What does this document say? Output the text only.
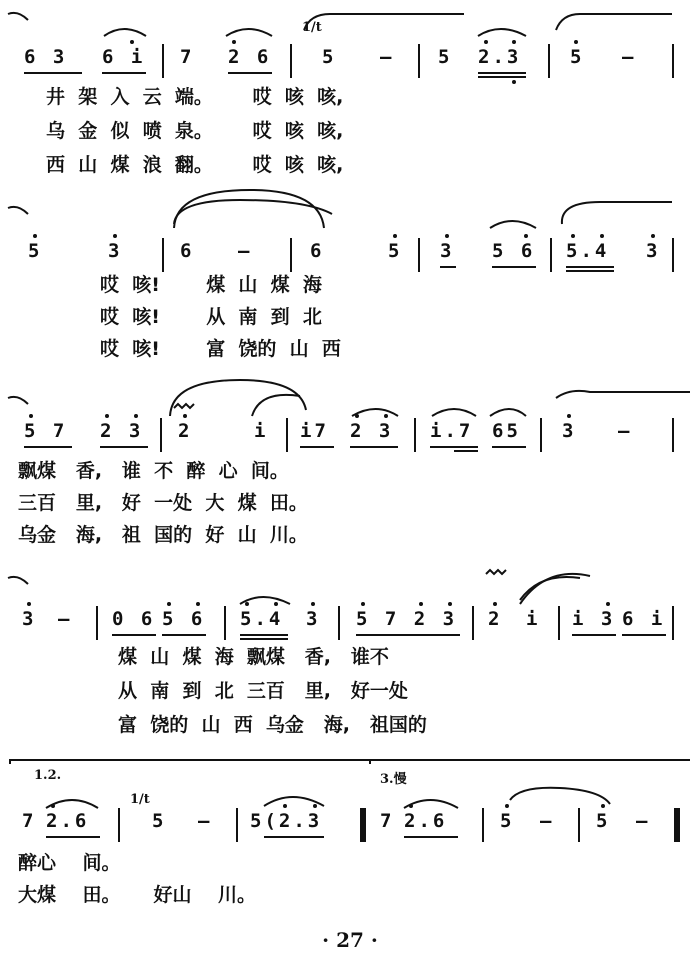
6 3 6 i 7 2 6	5 — 5 2.3	5 —
1/t
井  架  入  云  端。      哎  咳  咳,
乌  金  似  喷  泉。      哎  咳  咳,
西  山  煤  浪  翻。      哎  咳  咳,
5	3	6 —	6	5 3 5 6 5.4 3
哎  咳!       煤  山  煤  海
哎  咳!       从  南  到  北
哎  咳!       富  饶的  山  西
5 7 2 3 2	i i7 2 3 i.7 65 3 —
飘煤   香,   谁  不  醉  心  间。
三百   里,   好  一处  大  煤  田。
乌金   海,   祖  国的  好  山  川。
3 — 0 6 5 6 5.4 3 5 7 2 3 2 i i 3 6 i
煤  山  煤  海  飘煤   香,   谁不
从  南  到  北  三百   里,   好一处
富  饶的  山  西  乌金   海,   祖国的
1.2.	3.慢
1/t
7 2.6	5 — 5(2.3	7 2.6	5 — 5 —
醉心    间。
大煤    田。     好山    川。
· 27 ·
